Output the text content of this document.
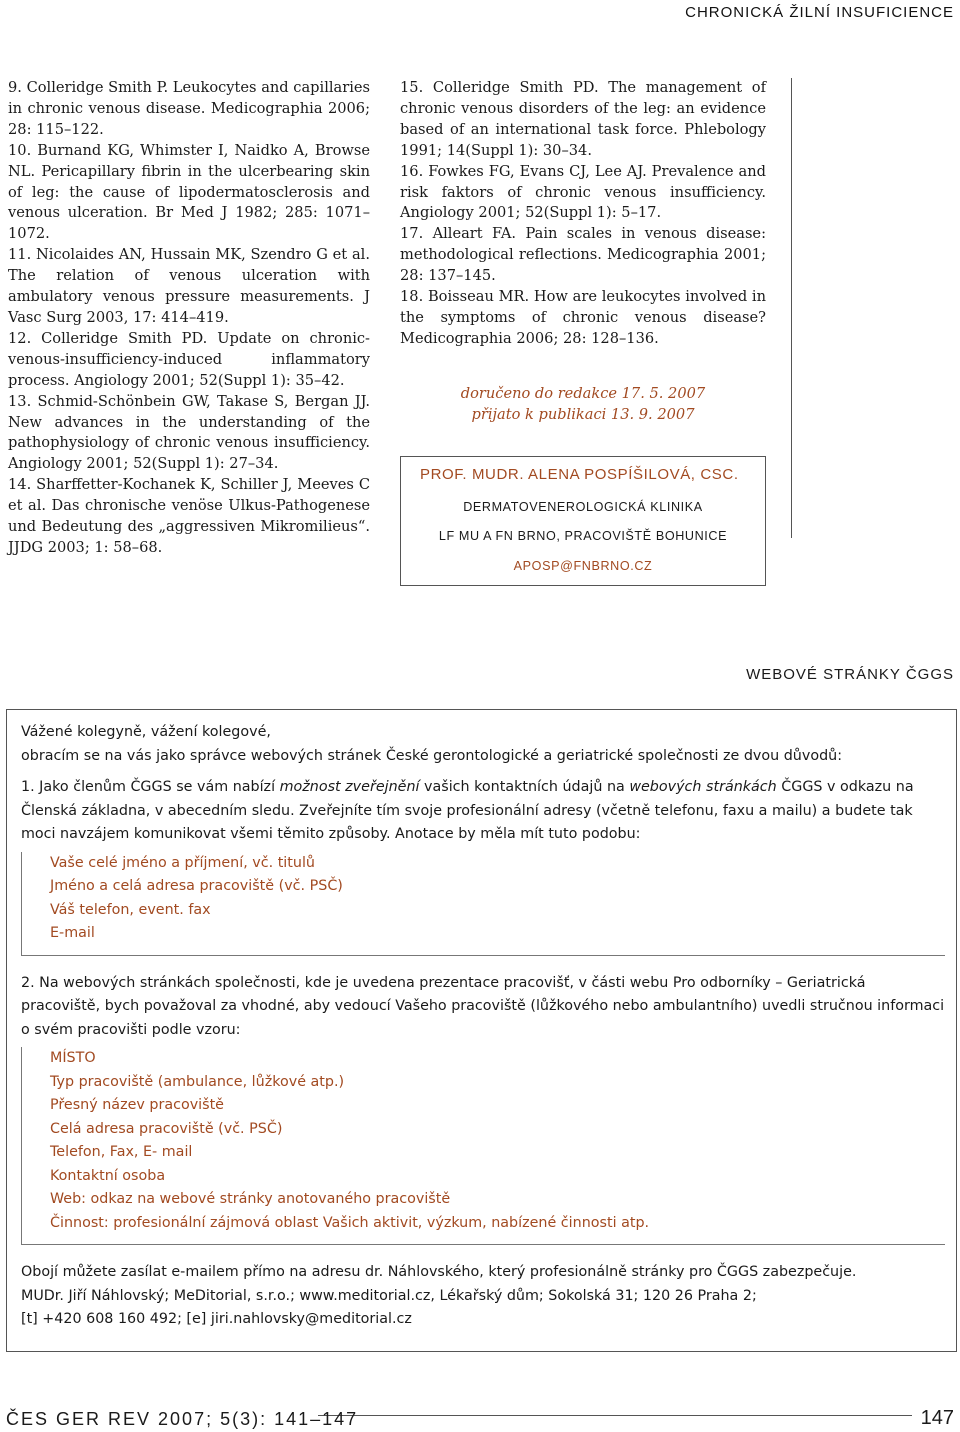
CHRONICKÁ ŽILNÍ INSUFICIENCE

9. Colleridge Smith P. Leukocytes and capillaries in chronic venous disease. Medicographia 2006; 28: 115–122.

10. Burnand KG, Whimster I, Naidko A, Browse NL. Pericapillary fibrin in the ulcerbearing skin of leg: the cause of lipodermatosclerosis and venous ulceration. Br Med J 1982; 285: 1071–1072.

11. Nicolaides AN, Hussain MK, Szendro G et al. The relation of venous ulceration with ambulatory venous pressure measurements. J Vasc Surg 2003, 17: 414–419.

12. Colleridge Smith PD. Update on chronic-venous-insufficiency-induced inflammatory process. Angiology 2001; 52(Suppl 1): 35–42.

13. Schmid-Schönbein GW, Takase S, Bergan JJ. New advances in the understanding of the pathophysiology of chronic venous insufficiency. Angiology 2001; 52(Suppl 1): 27–34.

14. Sharffetter-Kochanek K, Schiller J, Meeves C et al. Das chronische venöse Ulkus-Pathogenese und Bedeutung des „aggressiven Mikromilieus“. JJDG 2003; 1: 58–68.

15. Colleridge Smith PD. The management of chronic venous disorders of the leg: an evidence based of an international task force. Phlebology 1991; 14(Suppl 1): 30–34.

16. Fowkes FG, Evans CJ, Lee AJ. Prevalence and risk faktors of chronic venous insufficiency. Angiology 2001; 52(Suppl 1): 5–17.

17. Alleart FA. Pain scales in venous disease: methodological reflections. Medicographia 2001; 28: 137–145.

18. Boisseau MR. How are leukocytes involved in the symptoms of chronic venous disease? Medicographia 2006; 28: 128–136.

doručeno do redakce 17. 5. 2007
přijato k publikaci 13. 9. 2007
PROF. MUDR. ALENA POSPÍŠILOVÁ, CSC.
DERMATOVENEROLOGICKÁ KLINIKA
LF MU A FN BRNO, PRACOVIŠTĚ BOHUNICE
APOSP@FNBRNO.CZ
WEBOVÉ STRÁNKY ČGGS

Vážené kolegyně, vážení kolegové,

obracím se na vás jako správce webových stránek České gerontologické a geriatrické společnosti ze dvou důvodů:

1. Jako členům ČGGS se vám nabízí možnost zveřejnění vašich kontaktních údajů na webových stránkách ČGGS v odkazu na Členská základna, v abecedním sledu. Zveřejníte tím svoje profesionální adresy (včetně telefonu, faxu a mailu) a budete tak moci navzájem komunikovat všemi těmito způsoby. Anotace by měla mít tuto podobu:

Vaše celé jméno a příjmení, vč. titulů
Jméno a celá adresa pracoviště (vč. PSČ)
Váš telefon, event. fax
E-mail

2. Na webových stránkách společnosti, kde je uvedena prezentace pracovišť, v části webu Pro odborníky – Geriatrická pracoviště, bych považoval za vhodné, aby vedoucí Vašeho pracoviště (lůžkového nebo ambulantního) uvedli stručnou informaci o svém pracovišti podle vzoru:

MÍSTO
Typ pracoviště (ambulance, lůžkové atp.)
Přesný název pracoviště
Celá adresa pracoviště (vč. PSČ)
Telefon, Fax, E- mail
Kontaktní osoba
Web: odkaz na webové stránky anotovaného pracoviště
Činnost: profesionální zájmová oblast Vašich aktivit, výzkum, nabízené činnosti atp.

Obojí můžete zasílat e-mailem přímo na adresu dr. Náhlovského, který profesionálně stránky pro ČGGS zabezpečuje.

MUDr. Jiří Náhlovský; MeDitorial, s.r.o.; www.meditorial.cz, Lékařský dům; Sokolská 31; 120 26 Praha 2;

[t] +420 608 160 492; [e] jiri.nahlovsky@meditorial.cz

ČES GER REV 2007; 5(3): 141–147	147
